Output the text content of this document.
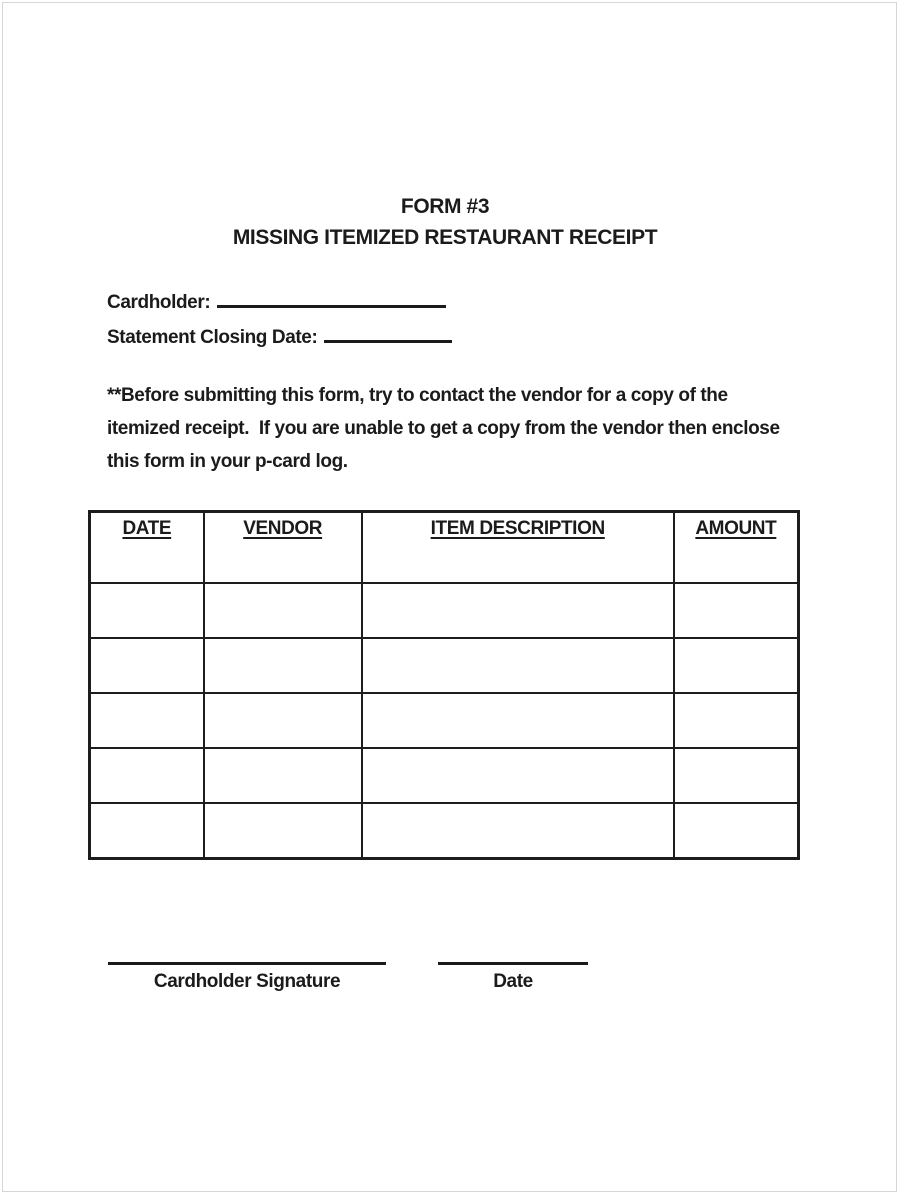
FORM #3
MISSING ITEMIZED RESTAURANT RECEIPT
Cardholder:
Statement Closing Date:
**Before submitting this form, try to contact the vendor for a copy of the
itemized receipt.  If you are unable to get a copy from the vendor then enclose
this form in your p-card log.
DATE	VENDOR	ITEM DESCRIPTION	AMOUNT

Cardholder Signature	Date
